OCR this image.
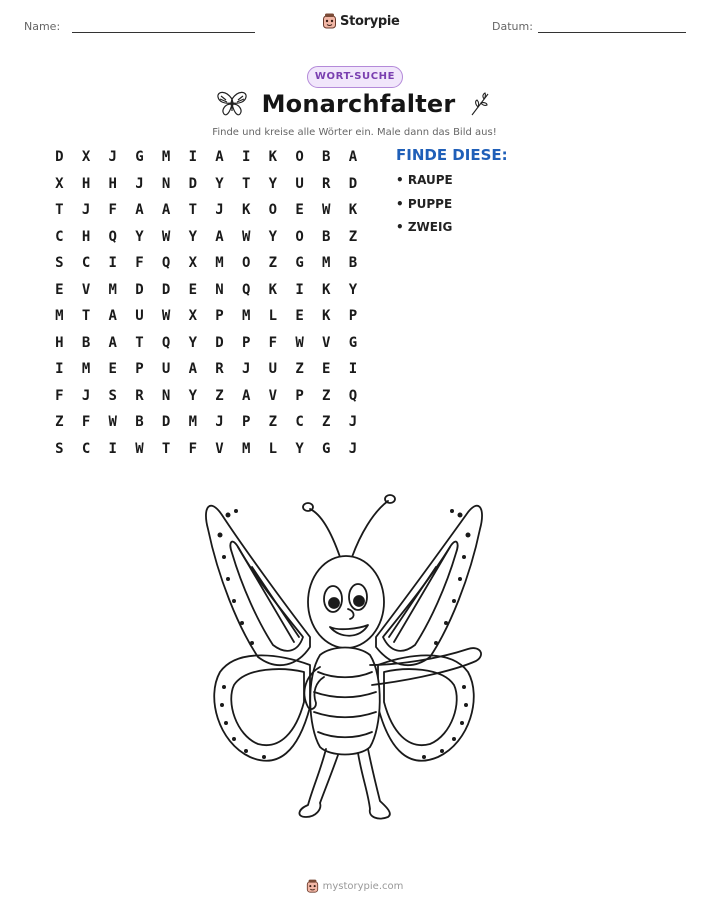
Name:	Storypie	Datum:
WORT-SUCHE
Monarchfalter
Finde und kreise alle Wörter ein. Male dann das Bild aus!
D	X	J	G	M	I	A	I	K	O	B	A
X	H	H	J	N	D	Y	T	Y	U	R	D
T	J	F	A	A	T	J	K	O	E	W	K
C	H	Q	Y	W	Y	A	W	Y	O	B	Z
S	C	I	F	Q	X	M	O	Z	G	M	B
E	V	M	D	D	E	N	Q	K	I	K	Y
M	T	A	U	W	X	P	M	L	E	K	P
H	B	A	T	Q	Y	D	P	F	W	V	G
I	M	E	P	U	A	R	J	U	Z	E	I
F	J	S	R	N	Y	Z	A	V	P	Z	Q
Z	F	W	B	D	M	J	P	Z	C	Z	J
S	C	I	W	T	F	V	M	L	Y	G	J
FINDE DIESE:
• RAUPE
• PUPPE
• ZWEIG
mystorypie.com
